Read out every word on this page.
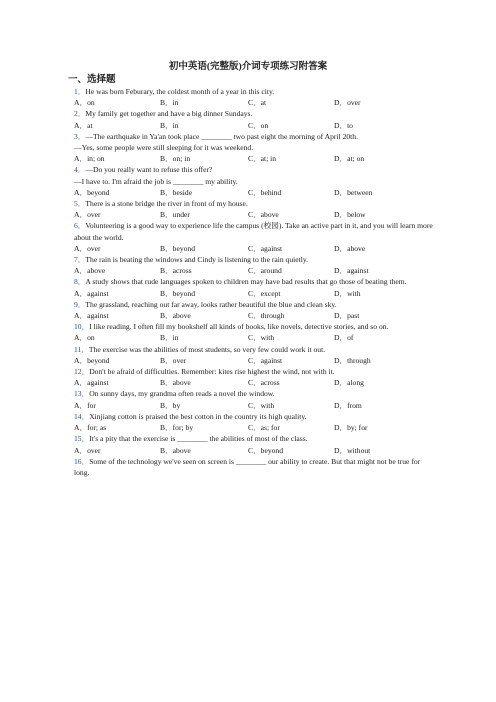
初中英语(完整版)介词专项练习附答案
一、选择题
1．He was born Feburary, the coldest month of a year in this city.
A．on	B．in	C．at	D．over
2．My family get together and have a big dinner Sundays.
A．at	B．in	C．on	D．to
3．—The earthquake in Ya'an took place ________ two past eight the morning of April 20th.
—Yes, some people were still sleeping for it was weekend.
A．in; on	B．on; in	C．at; in	D．at; on
4．—Do you really want to refuse this offer?
—I have to. I'm afraid the job is ________ my ability.
A．beyond	B．beside	C．behind	D．between
5．There is a stone bridge the river in front of my house.
A．over	B．under	C．above	D．below
6．Volunteering is a good way to experience life the campus (校园). Take an active part in it, and you will learn more about the world.
A．over	B．beyond	C．against	D．above
7．The rain is beating the windows and Cindy is listening to the rain quietly.
A．above	B．across	C．around	D．against
8．A study shows that rude languages spoken to children may have bad results that go those of beating them.
A．against	B．beyond	C．except	D．with
9．The grassland, reaching out far away, looks rather beautiful the blue and clean sky.
A．against	B．above	C．through	D．past
10．I like reading. I often fill my bookshelf all kinds of books, like novels, detective stories, and so on.
A．on	B．in	C．with	D．of
11．The exercise was the abilities of most students, so very few could work it out.
A．beyond	B．over	C．against	D．through
12．Don't be afraid of difficulties. Remember: kites rise highest the wind, not with it.
A．against	B．above	C．across	D．along
13．On sunny days, my grandma often reads a novel the window.
A．for	B．by	C．with	D．from
14．Xinjiang cotton is praised the best cotton in the country its high quality.
A．for; as	B．for; by	C．as; for	D．by; for
15．It's a pity that the exercise is ________ the abilities of most of the class.
A．over	B．above	C．beyond	D．without
16．Some of the technology we've seen on screen is ________ our ability to create. But that might not be true for long.
